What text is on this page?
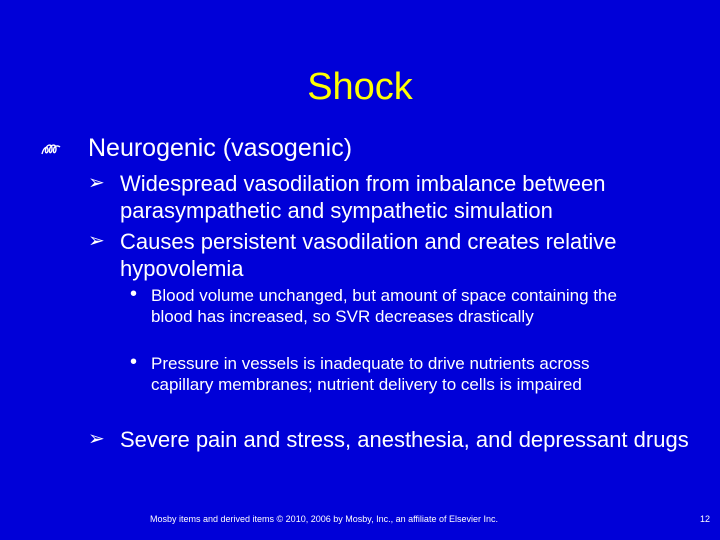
Shock
Neurogenic (vasogenic)
➢ Widespread vasodilation from imbalance between parasympathetic and sympathetic simulation
➢ Causes persistent vasodilation and creates relative hypovolemia
• Blood volume unchanged, but amount of space containing the blood has increased, so SVR decreases drastically
• Pressure in vessels is inadequate to drive nutrients across capillary membranes; nutrient delivery to cells is impaired
➢ Severe pain and stress, anesthesia, and depressant drugs
Mosby items and derived items © 2010, 2006 by Mosby, Inc., an affiliate of Elsevier Inc.	12
